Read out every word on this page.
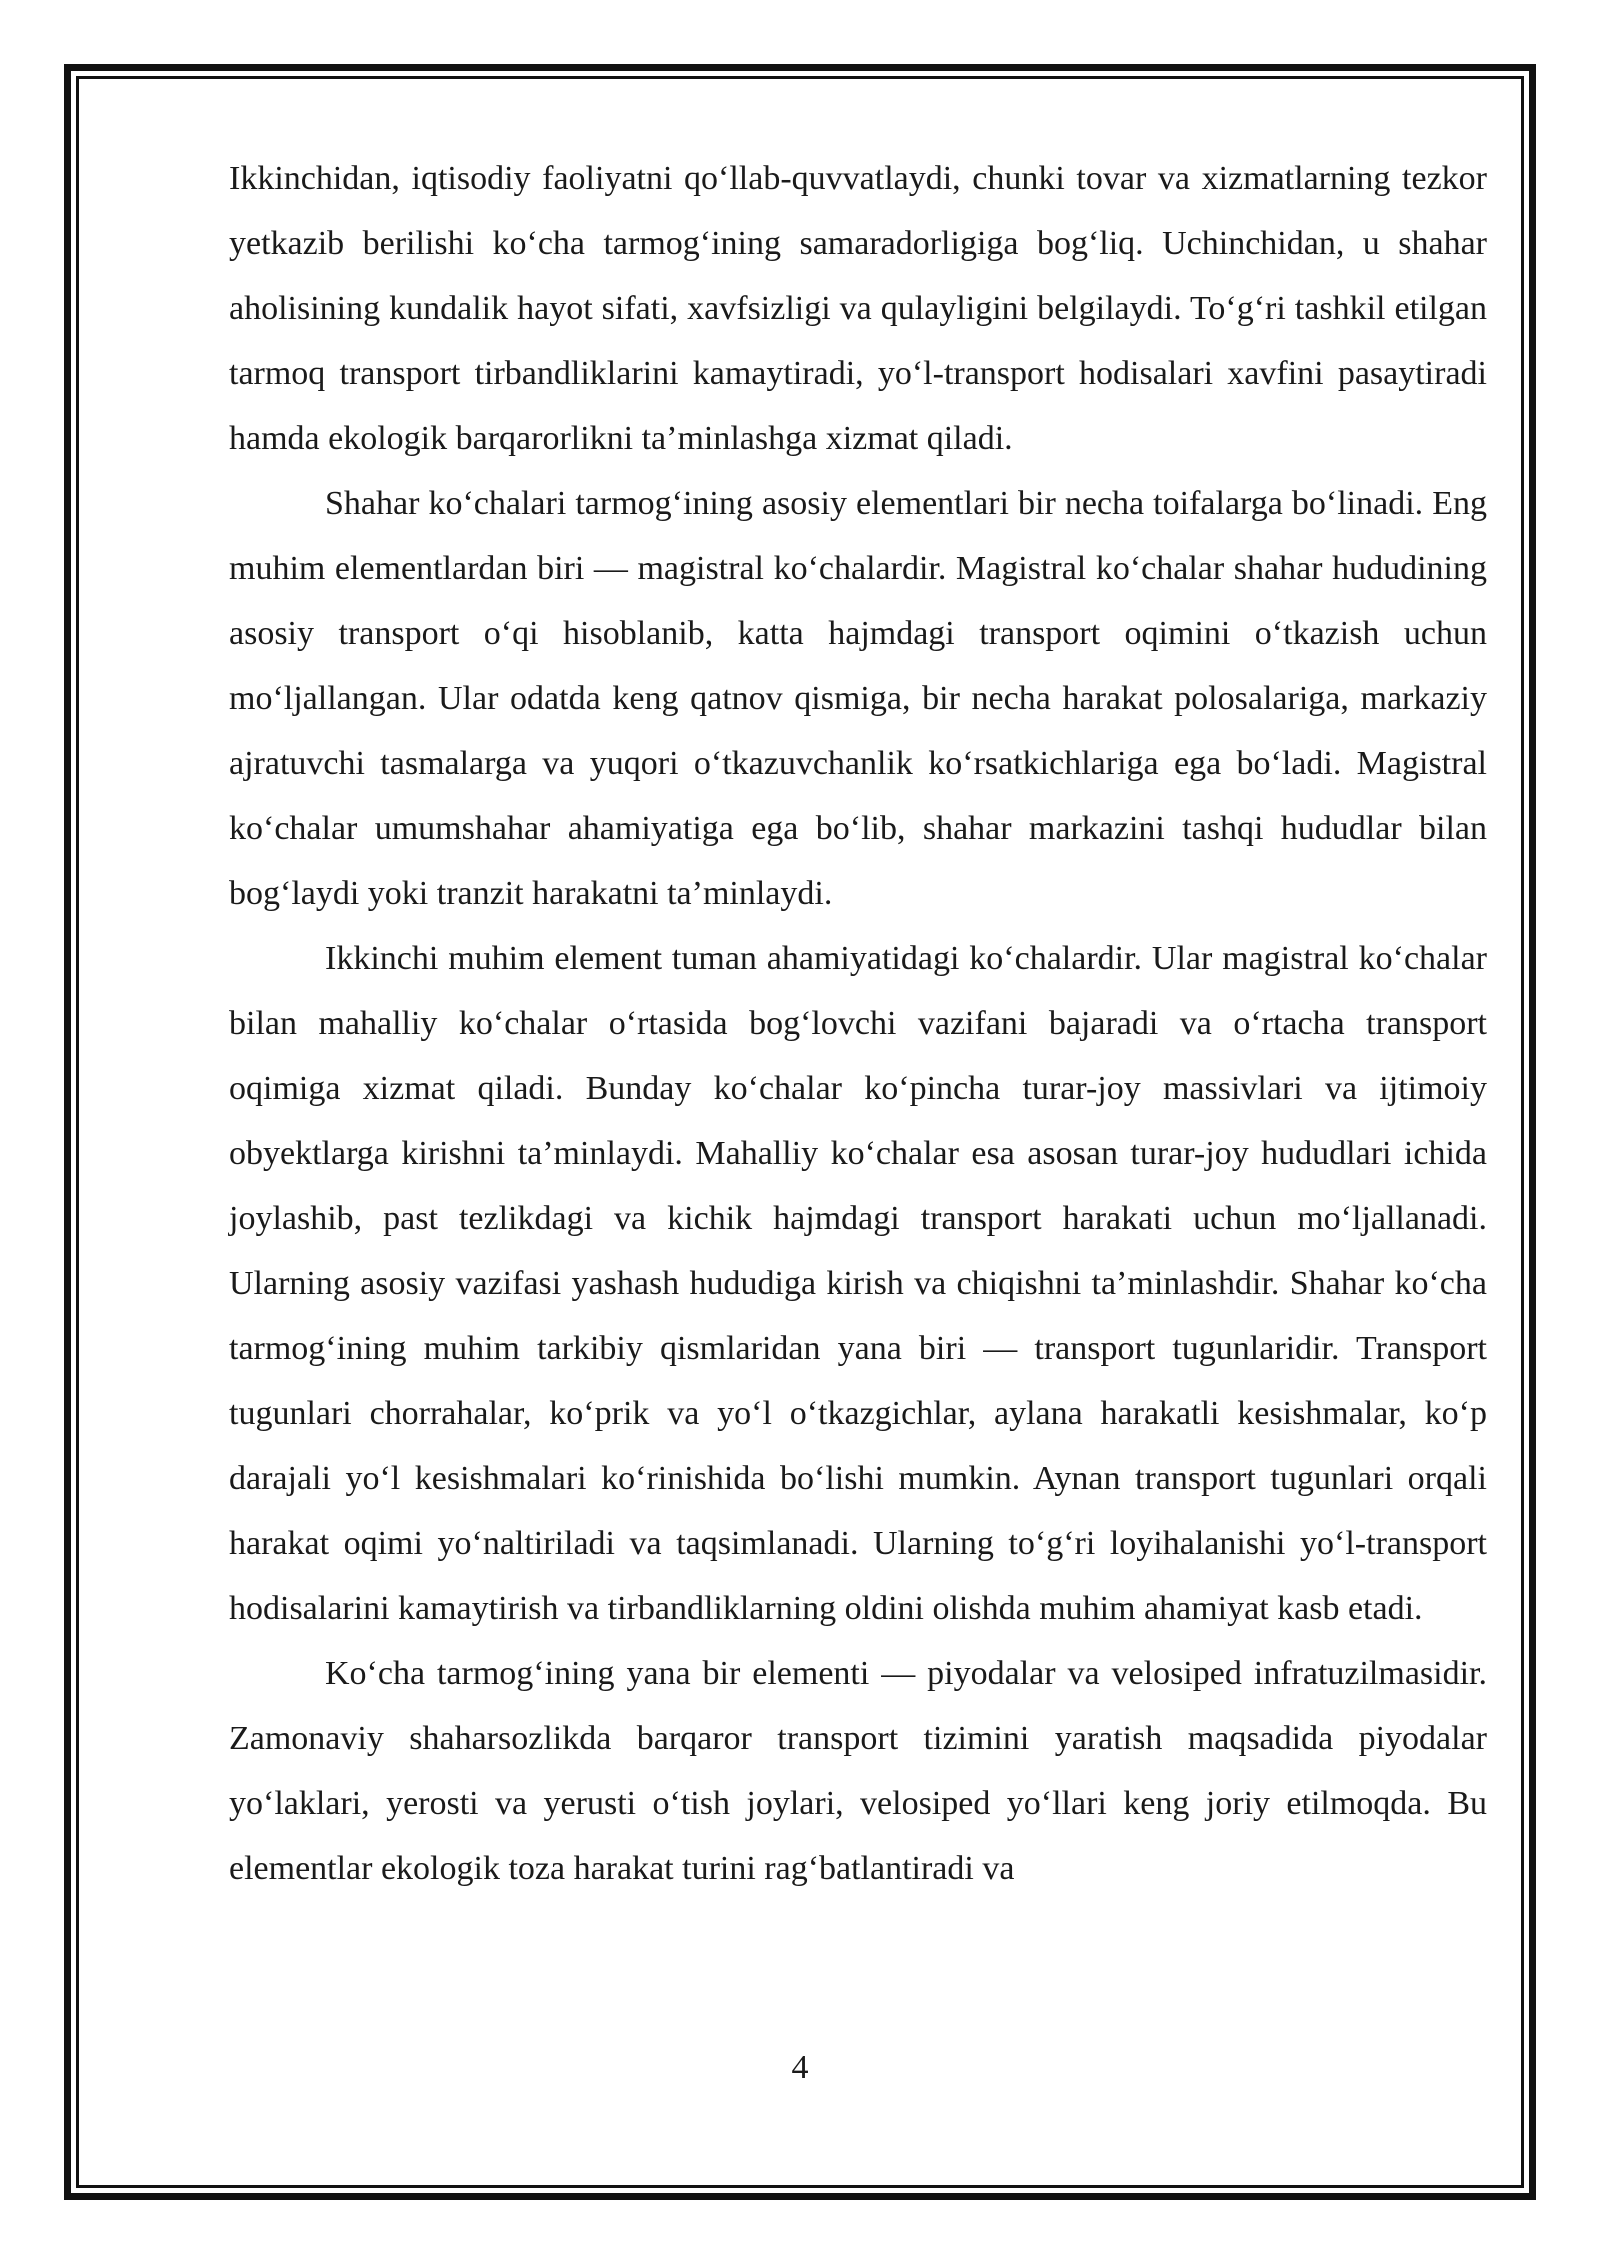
Ikkinchidan, iqtisodiy faoliyatni qo‘llab-quvvatlaydi, chunki tovar va xizmatlarning tezkor yetkazib berilishi ko‘cha tarmog‘ining samaradorligiga bog‘liq. Uchinchidan, u shahar aholisining kundalik hayot sifati, xavfsizligi va qulayligini belgilaydi. To‘g‘ri tashkil etilgan tarmoq transport tirbandliklarini kamaytiradi, yo‘l-transport hodisalari xavfini pasaytiradi hamda ekologik barqarorlikni ta’minlashga xizmat qiladi.

Shahar ko‘chalari tarmog‘ining asosiy elementlari bir necha toifalarga bo‘linadi. Eng muhim elementlardan biri — magistral ko‘chalardir. Magistral ko‘chalar shahar hududining asosiy transport o‘qi hisoblanib, katta hajmdagi transport oqimini o‘tkazish uchun mo‘ljallangan. Ular odatda keng qatnov qismiga, bir necha harakat polosalariga, markaziy ajratuvchi tasmalarga va yuqori o‘tkazuvchanlik ko‘rsatkichlariga ega bo‘ladi. Magistral ko‘chalar umumshahar ahamiyatiga ega bo‘lib, shahar markazini tashqi hududlar bilan bog‘laydi yoki tranzit harakatni ta’minlaydi.

Ikkinchi muhim element tuman ahamiyatidagi ko‘chalardir. Ular magistral ko‘chalar bilan mahalliy ko‘chalar o‘rtasida bog‘lovchi vazifani bajaradi va o‘rtacha transport oqimiga xizmat qiladi. Bunday ko‘chalar ko‘pincha turar-joy massivlari va ijtimoiy obyektlarga kirishni ta’minlaydi. Mahalliy ko‘chalar esa asosan turar-joy hududlari ichida joylashib, past tezlikdagi va kichik hajmdagi transport harakati uchun mo‘ljallanadi. Ularning asosiy vazifasi yashash hududiga kirish va chiqishni ta’minlashdir. Shahar ko‘cha tarmog‘ining muhim tarkibiy qismlaridan yana biri — transport tugunlaridir. Transport tugunlari chorrahalar, ko‘prik va yo‘l o‘tkazgichlar, aylana harakatli kesishmalar, ko‘p darajali yo‘l kesishmalari ko‘rinishida bo‘lishi mumkin. Aynan transport tugunlari orqali harakat oqimi yo‘naltiriladi va taqsimlanadi. Ularning to‘g‘ri loyihalanishi yo‘l-transport hodisalarini kamaytirish va tirbandliklarning oldini olishda muhim ahamiyat kasb etadi.

Ko‘cha tarmog‘ining yana bir elementi — piyodalar va velosiped infratuzilmasidir. Zamonaviy shaharsozlikda barqaror transport tizimini yaratish maqsadida piyodalar yo‘laklari, yerosti va yerusti o‘tish joylari, velosiped yo‘llari keng joriy etilmoqda. Bu elementlar ekologik toza harakat turini rag‘batlantiradi va

4
